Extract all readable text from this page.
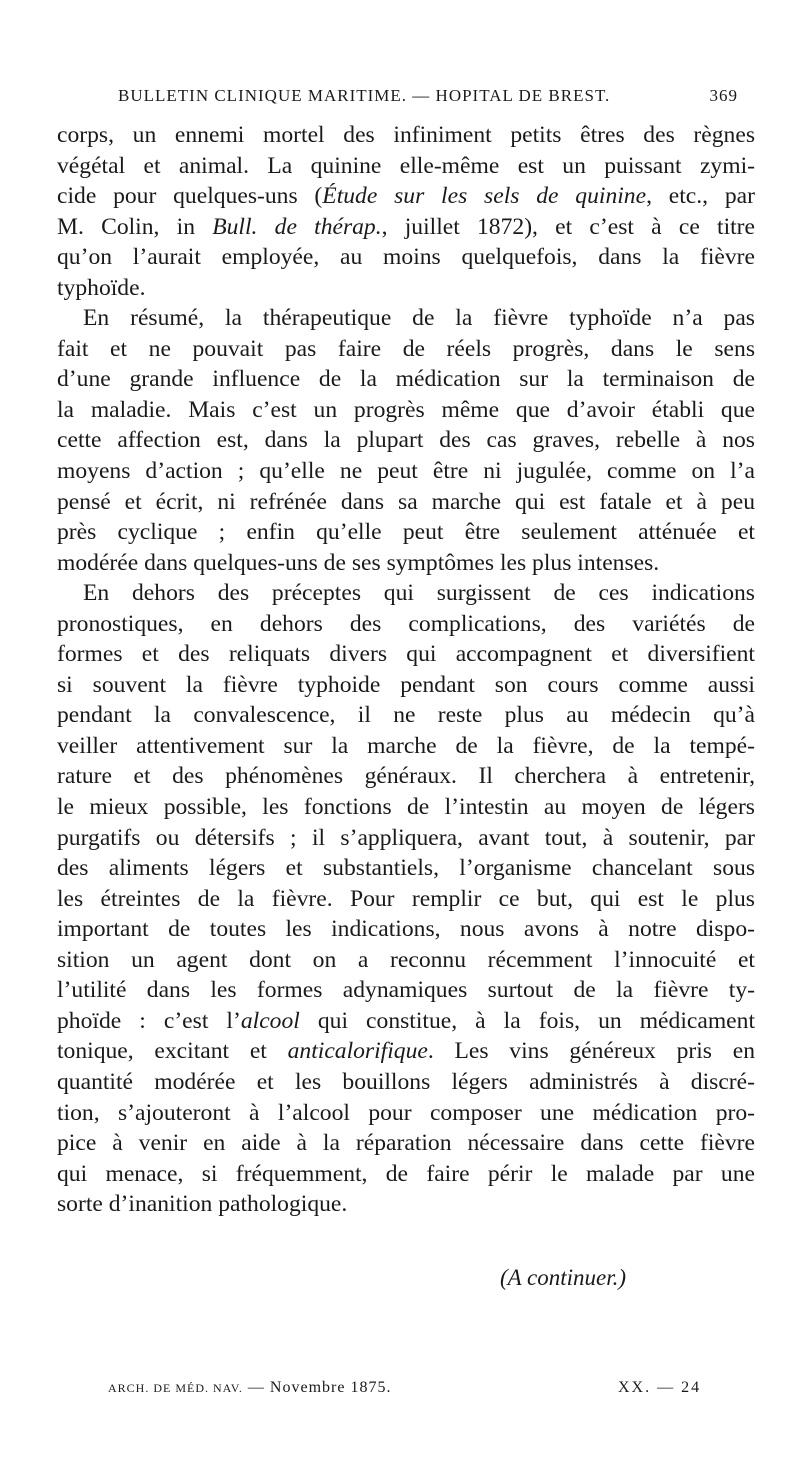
BULLETIN CLINIQUE MARITIME. — HOPITAL DE BREST.	369
corps, un ennemi mortel des infiniment petits êtres des règnes
végétal et animal. La quinine elle-même est un puissant zymi-
cide pour quelques-uns (Étude sur les sels de quinine, etc., par
M. Colin, in Bull. de thérap., juillet 1872), et c’est à ce titre
qu’on l’aurait employée, au moins quelquefois, dans la fièvre
typhoïde.
En résumé, la thérapeutique de la fièvre typhoïde n’a pas
fait et ne pouvait pas faire de réels progrès, dans le sens
d’une grande influence de la médication sur la terminaison de
la maladie. Mais c’est un progrès même que d’avoir établi que
cette affection est, dans la plupart des cas graves, rebelle à nos
moyens d’action ; qu’elle ne peut être ni jugulée, comme on l’a
pensé et écrit, ni refrénée dans sa marche qui est fatale et à peu
près cyclique ; enfin qu’elle peut être seulement atténuée et
modérée dans quelques-uns de ses symptômes les plus intenses.
En dehors des préceptes qui surgissent de ces indications
pronostiques, en dehors des complications, des variétés de
formes et des reliquats divers qui accompagnent et diversifient
si souvent la fièvre typhoide pendant son cours comme aussi
pendant la convalescence, il ne reste plus au médecin qu’à
veiller attentivement sur la marche de la fièvre, de la tempé-
rature et des phénomènes généraux. Il cherchera à entretenir,
le mieux possible, les fonctions de l’intestin au moyen de légers
purgatifs ou détersifs ; il s’appliquera, avant tout, à soutenir, par
des aliments légers et substantiels, l’organisme chancelant sous
les étreintes de la fièvre. Pour remplir ce but, qui est le plus
important de toutes les indications, nous avons à notre dispo-
sition un agent dont on a reconnu récemment l’innocuité et
l’utilité dans les formes adynamiques surtout de la fièvre ty-
phoïde : c’est l’alcool qui constitue, à la fois, un médicament
tonique, excitant et anticalorifique. Les vins généreux pris en
quantité modérée et les bouillons légers administrés à discré-
tion, s’ajouteront à l’alcool pour composer une médication pro-
pice à venir en aide à la réparation nécessaire dans cette fièvre
qui menace, si fréquemment, de faire périr le malade par une
sorte d’inanition pathologique.
(A continuer.)
ARCH. DE MÉD. NAV. — Novembre 1875.	XX. — 24
